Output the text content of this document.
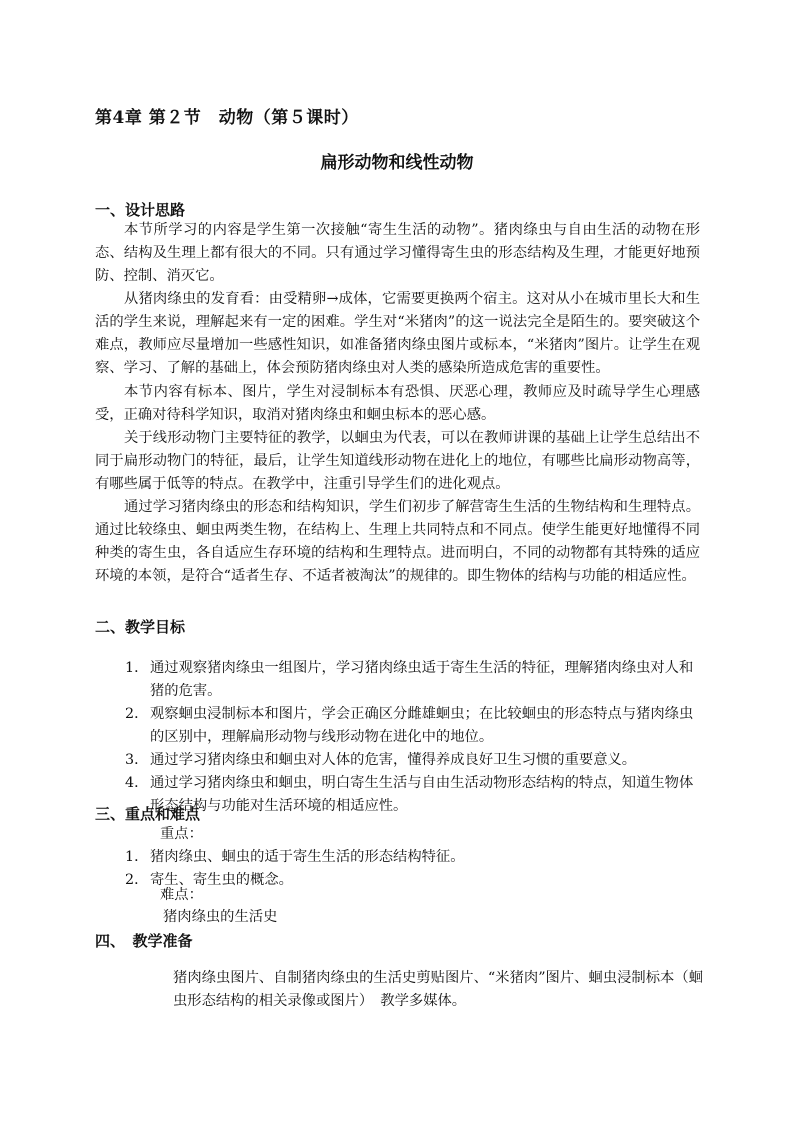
第4章 第２节　动物（第５课时）
扁形动物和线性动物
一、设计思路

本节所学习的内容是学生第一次接触“寄生生活的动物”。猪肉绦虫与自由生活的动物在形态、结构及生理上都有很大的不同。只有通过学习懂得寄生虫的形态结构及生理，才能更好地预防、控制、消灭它。

从猪肉绦虫的发育看：由受精卵→成体，它需要更换两个宿主。这对从小在城市里长大和生活的学生来说，理解起来有一定的困难。学生对“米猪肉”的这一说法完全是陌生的。要突破这个难点，教师应尽量增加一些感性知识，如准备猪肉绦虫图片或标本，“米猪肉”图片。让学生在观察、学习、了解的基础上，体会预防猪肉绦虫对人类的感染所造成危害的重要性。

本节内容有标本、图片，学生对浸制标本有恐惧、厌恶心理，教师应及时疏导学生心理感受，正确对待科学知识，取消对猪肉绦虫和蛔虫标本的恶心感。

关于线形动物门主要特征的教学，以蛔虫为代表，可以在教师讲课的基础上让学生总结出不同于扁形动物门的特征，最后，让学生知道线形动物在进化上的地位，有哪些比扁形动物高等，有哪些属于低等的特点。在教学中，注重引导学生们的进化观点。

通过学习猪肉绦虫的形态和结构知识，学生们初步了解营寄生生活的生物结构和生理特点。通过比较绦虫、蛔虫两类生物，在结构上、生理上共同特点和不同点。使学生能更好地懂得不同种类的寄生虫，各自适应生存环境的结构和生理特点。进而明白，不同的动物都有其特殊的适应环境的本领，是符合“适者生存、不适者被淘汰”的规律的。即生物体的结构与功能的相适应性。

二、教学目标
1． 通过观察猪肉绦虫一组图片，学习猪肉绦虫适于寄生生活的特征，理解猪肉绦虫对人和猪的危害。
2． 观察蛔虫浸制标本和图片，学会正确区分雌雄蛔虫；在比较蛔虫的形态特点与猪肉绦虫的区别中，理解扁形动物与线形动物在进化中的地位。
3． 通过学习猪肉绦虫和蛔虫对人体的危害，懂得养成良好卫生习惯的重要意义。
4． 通过学习猪肉绦虫和蛔虫，明白寄生生活与自由生活动物形态结构的特点，知道生物体形态结构与功能对生活环境的相适应性。
三、重点和难点
重点：
1． 猪肉绦虫、蛔虫的适于寄生生活的形态结构特征。
2． 寄生、寄生虫的概念。
难点：
猪肉绦虫的生活史
四、　教学准备

猪肉绦虫图片、自制猪肉绦虫的生活史剪贴图片、“米猪肉”图片、蛔虫浸制标本（蛔虫形态结构的相关录像或图片）　教学多媒体。
